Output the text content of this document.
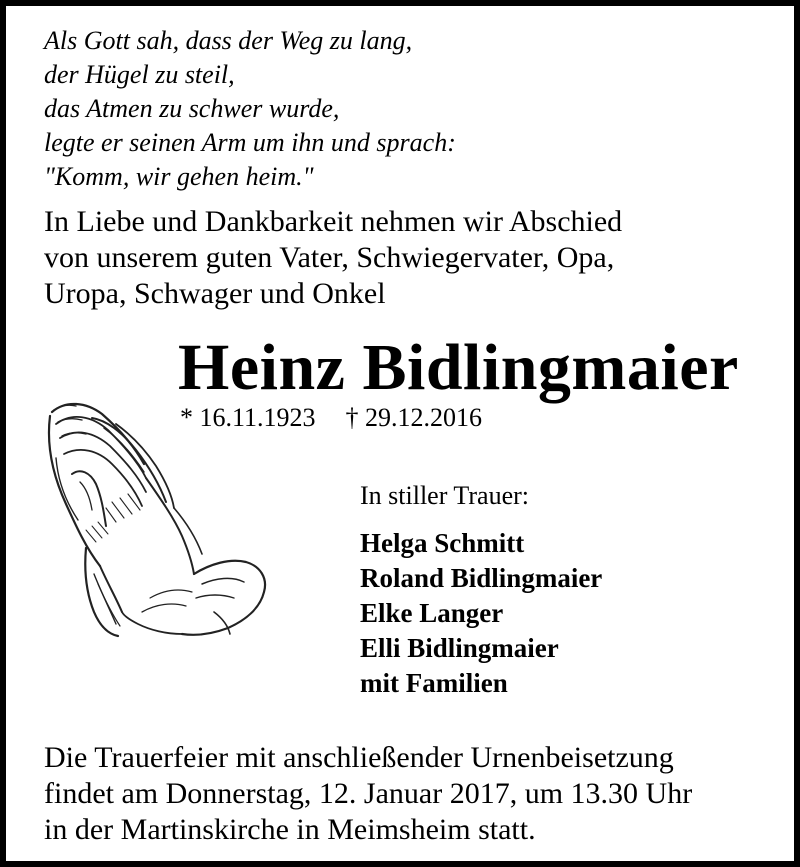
Als Gott sah, dass der Weg zu lang,
der Hügel zu steil,
das Atmen zu schwer wurde,
legte er seinen Arm um ihn und sprach:
"Komm, wir gehen heim."
In Liebe und Dankbarkeit nehmen wir Abschied
von unserem guten Vater, Schwiegervater, Opa,
Uropa, Schwager und Onkel
Heinz Bidlingmaier
* 16.11.1923 † 29.12.2016
In stiller Trauer:
Helga Schmitt
Roland Bidlingmaier
Elke Langer
Elli Bidlingmaier
mit Familien
Die Trauerfeier mit anschließender Urnenbeisetzung
findet am Donnerstag, 12. Januar 2017, um 13.30 Uhr
in der Martinskirche in Meimsheim statt.
